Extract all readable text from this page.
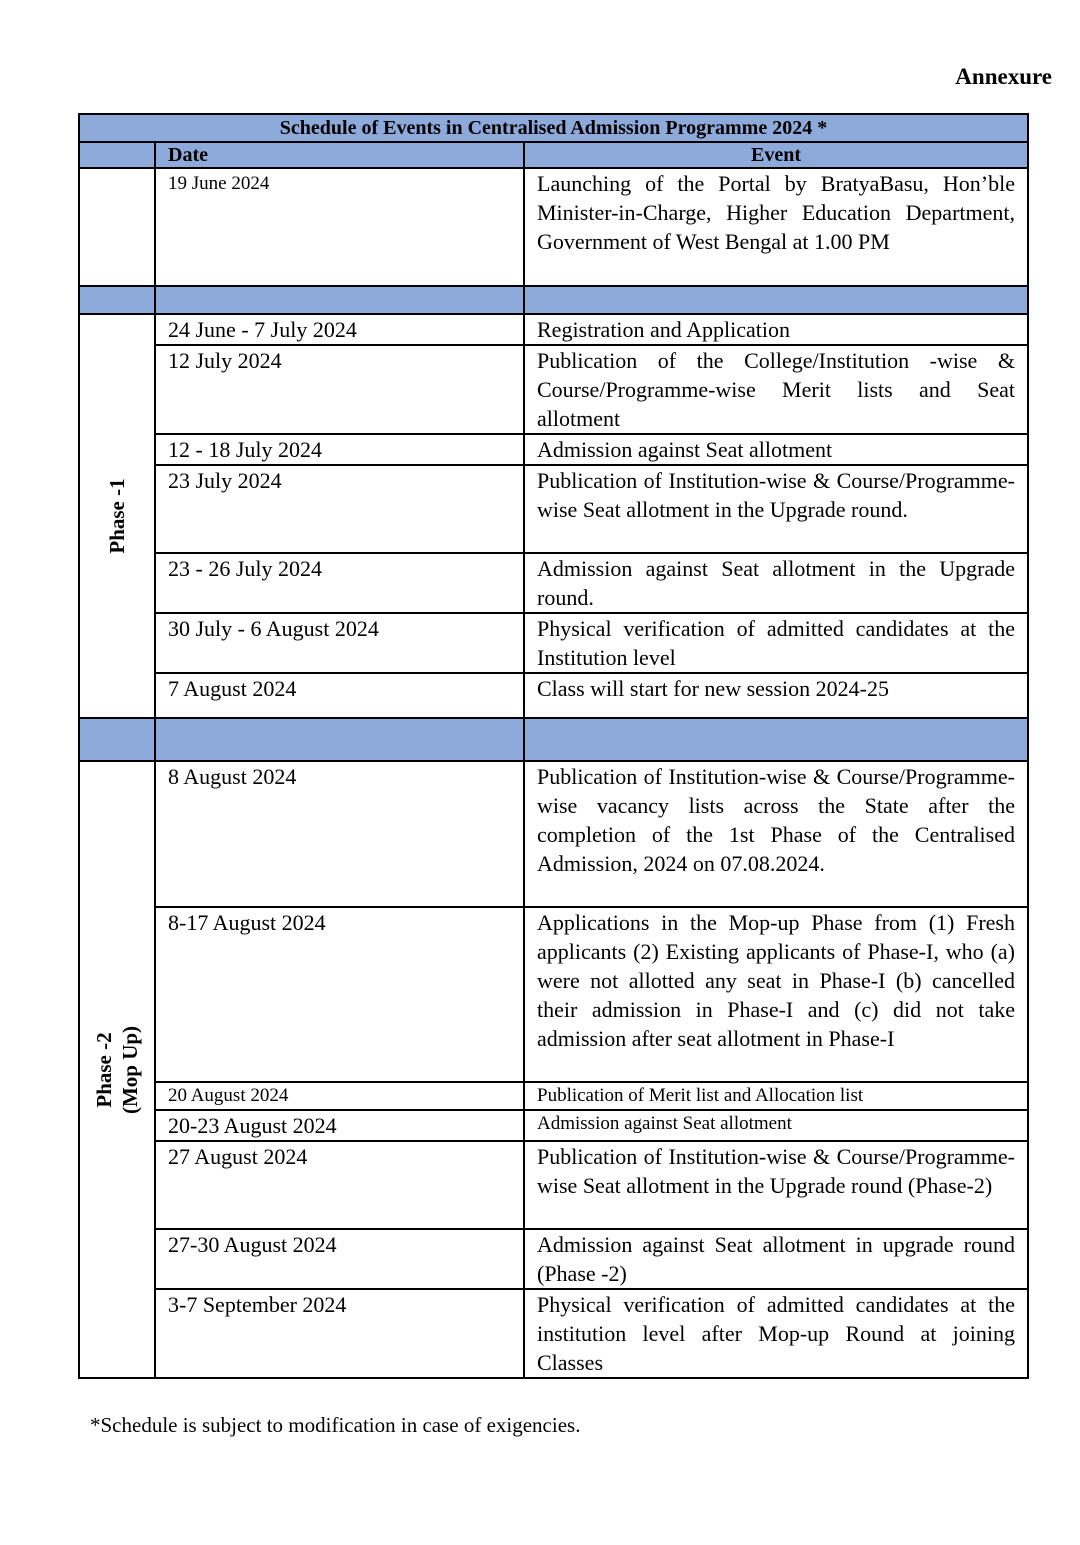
Annexure
Schedule of Events in Centralised Admission Programme 2024 *		
	Date	Event
	19 June 2024	Launching of the Portal by BratyaBasu, Hon’ble Minister-in-Charge, Higher Education Department, Government of West Bengal at 1.00 PM

Phase -1	24 June - 7 July 2024	Registration and Application
	12 July 2024	Publication of the College/Institution -wise & Course/Programme-wise Merit lists and Seat allotment
	12 - 18 July 2024	Admission against Seat allotment
	23 July 2024	Publication of Institution-wise & Course/Programme-wise Seat allotment in the Upgrade round.
	23 - 26 July 2024	Admission against Seat allotment in the Upgrade round.
	30 July - 6 August 2024	Physical verification of admitted candidates at the Institution level
	7 August 2024	Class will start for new session 2024-25

Phase -2 (Mop Up)	8 August 2024	Publication of Institution-wise & Course/Programme-wise vacancy lists across the State after the completion of the 1st Phase of the Centralised Admission, 2024 on 07.08.2024.
	8-17 August 2024	Applications in the Mop-up Phase from (1) Fresh applicants (2) Existing applicants of Phase-I, who (a) were not allotted any seat in Phase-I (b) cancelled their admission in Phase-I and (c) did not take admission after seat allotment in Phase-I
	20 August 2024	Publication of Merit list and Allocation list
	20-23 August 2024	Admission against Seat allotment
	27 August 2024	Publication of Institution-wise & Course/Programme-wise Seat allotment in the Upgrade round (Phase-2)
	27-30 August 2024	Admission against Seat allotment in upgrade round (Phase -2)
	3-7 September 2024	Physical verification of admitted candidates at the institution level after Mop-up Round at joining Classes
*Schedule is subject to modification in case of exigencies.
